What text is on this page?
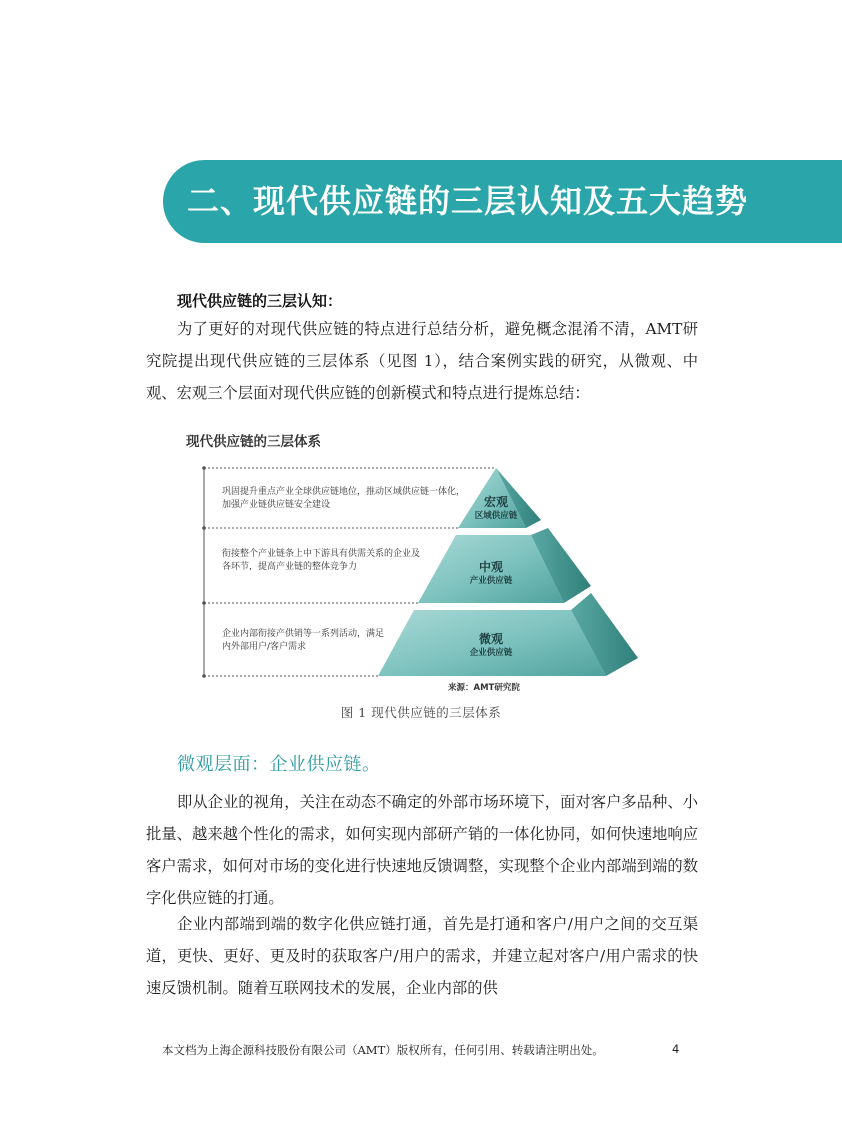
二、现代供应链的三层认知及五大趋势
现代供应链的三层认知：

为了更好的对现代供应链的特点进行总结分析，避免概念混淆不清，AMT研究院提出现代供应链的三层体系（见图 1），结合案例实践的研究，从微观、中观、宏观三个层面对现代供应链的创新模式和特点进行提炼总结：

现代供应链的三层体系
巩固提升重点产业全球供应链地位，推动区域供应链一体化，加强产业链供应链安全建设
衔接整个产业链条上中下游具有供需关系的企业及各环节，提高产业链的整体竞争力
企业内部衔接产供销等一系列活动，满足内外部用户/客户需求
宏观
区域供应链
中观
产业供应链
微观
企业供应链
来源：AMT研究院
图 1 现代供应链的三层体系
微观层面：企业供应链。

即从企业的视角，关注在动态不确定的外部市场环境下，面对客户多品种、小批量、越来越个性化的需求，如何实现内部研产销的一体化协同，如何快速地响应客户需求，如何对市场的变化进行快速地反馈调整，实现整个企业内部端到端的数字化供应链的打通。

企业内部端到端的数字化供应链打通，首先是打通和客户/用户之间的交互渠道，更快、更好、更及时的获取客户/用户的需求，并建立起对客户/用户需求的快速反馈机制。随着互联网技术的发展，企业内部的供

本文档为上海企源科技股份有限公司（AMT）版权所有，任何引用、转载请注明出处。	4
